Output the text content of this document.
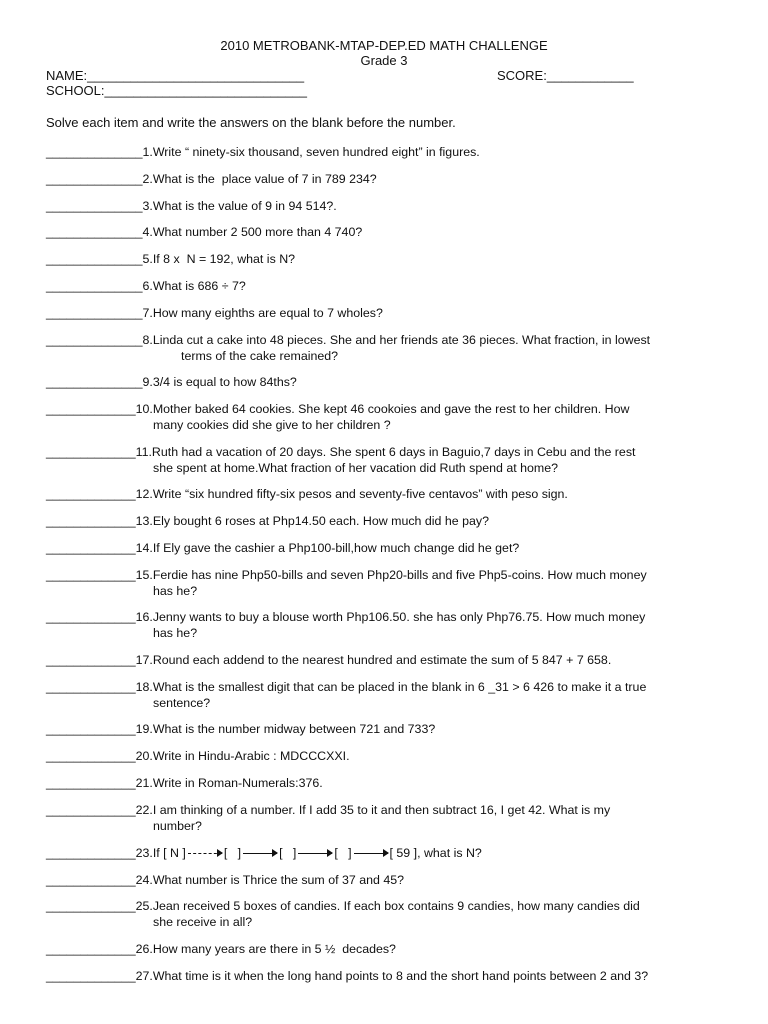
2010 METROBANK-MTAP-DEP.ED MATH CHALLENGE
Grade 3
NAME:______________________________	SCORE:____________
SCHOOL:____________________________
Solve each item and write the answers on the blank before the number.
______________1.Write “ ninety-six thousand, seven hundred eight” in figures.
______________2.What is the  place value of 7 in 789 234?
______________3.What is the value of 9 in 94 514?.
______________4.What number 2 500 more than 4 740?
______________5.If 8 x  N = 192, what is N?
______________6.What is 686 ÷ 7?
______________7.How many eighths are equal to 7 wholes?
______________8.Linda cut a cake into 48 pieces. She and her friends ate 36 pieces. What fraction, in lowest
terms of the cake remained?
______________9.3/4 is equal to how 84ths?
_____________10.Mother baked 64 cookies. She kept 46 cookoies and gave the rest to her children. How
many cookies did she give to her children ?
_____________11.Ruth had a vacation of 20 days. She spent 6 days in Baguio,7 days in Cebu and the rest
she spent at home.What fraction of her vacation did Ruth spend at home?
_____________12.Write “six hundred fifty-six pesos and seventy-five centavos” with peso sign.
_____________13.Ely bought 6 roses at Php14.50 each. How much did he pay?
_____________14.If Ely gave the cashier a Php100-bill,how much change did he get?
_____________15.Ferdie has nine Php50-bills and seven Php20-bills and five Php5-coins. How much money
has he?
_____________16.Jenny wants to buy a blouse worth Php106.50. she has only Php76.75. How much money
has he?
_____________17.Round each addend to the nearest hundred and estimate the sum of 5 847 + 7 658.
_____________18.What is the smallest digit that can be placed in the blank in 6 _31 > 6 426 to make it a true
sentence?
_____________19.What is the number midway between 721 and 733?
_____________20.Write in Hindu-Arabic : MDCCCXXI.
_____________21.Write in Roman-Numerals:376.
_____________22.I am thinking of a number. If I add 35 to it and then subtract 16, I get 42. What is my
number?
_____________23.If [ N ]	[   ]	[   ]	[   ]	[ 59 ], what is N?
_____________24.What number is Thrice the sum of 37 and 45?
_____________25.Jean received 5 boxes of candies. If each box contains 9 candies, how many candies did
she receive in all?
_____________26.How many years are there in 5 ½  decades?
_____________27.What time is it when the long hand points to 8 and the short hand points between 2 and 3?
